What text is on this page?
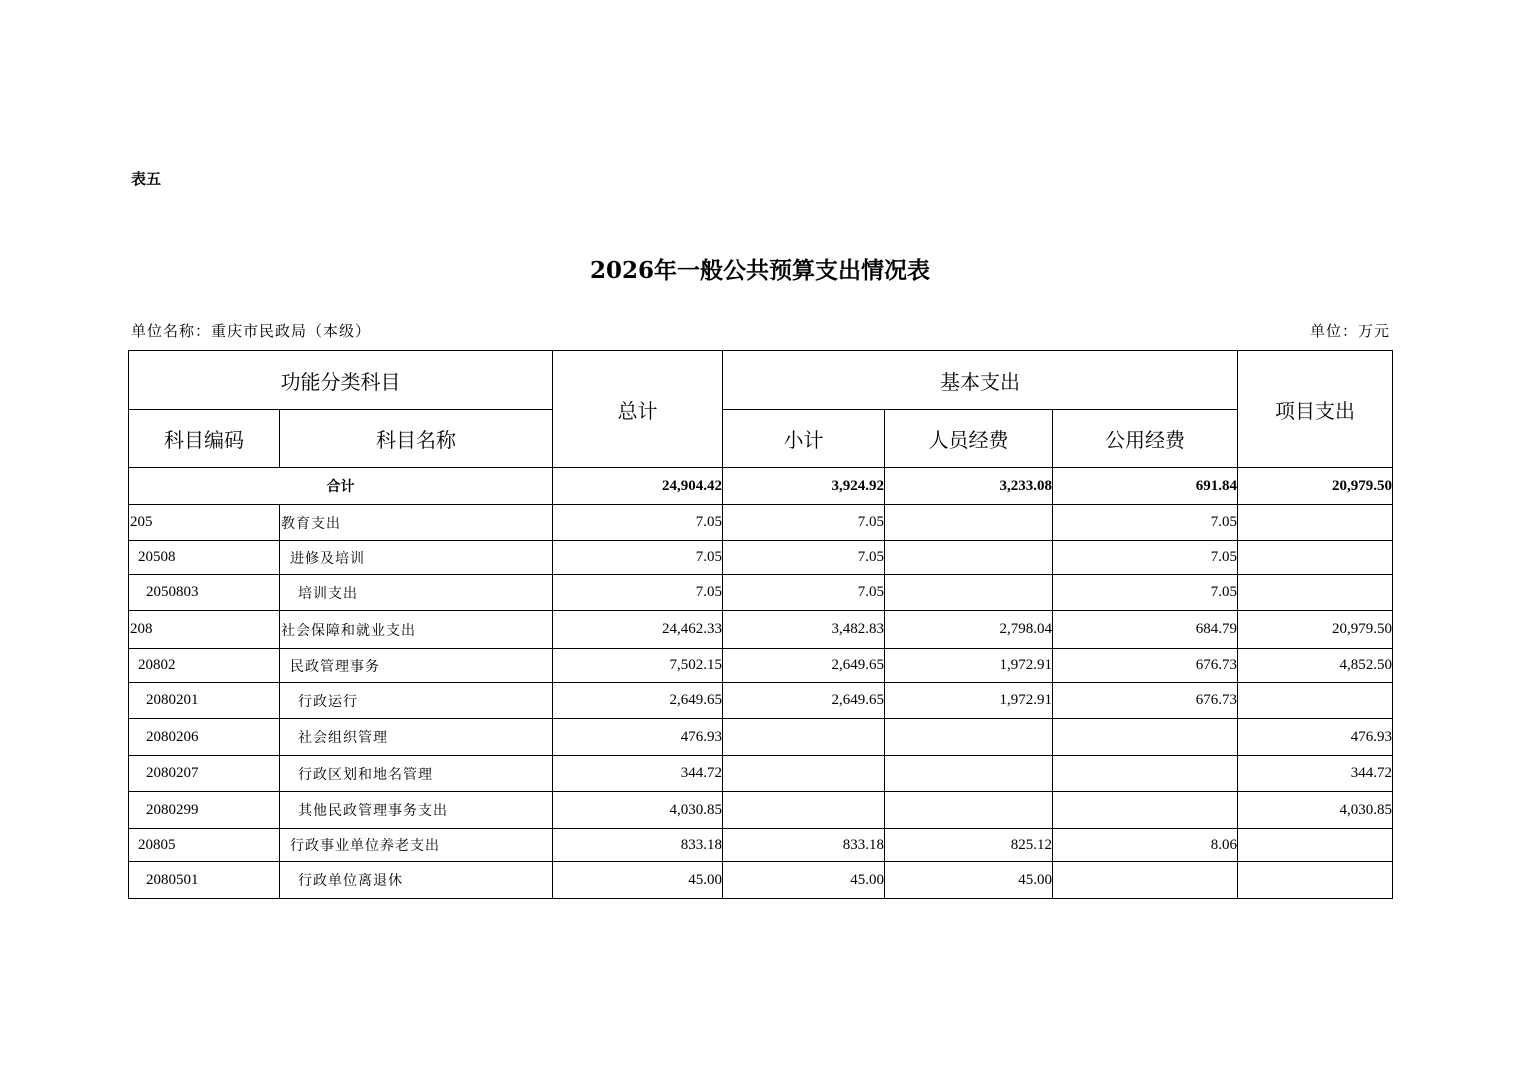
表五
2026年一般公共预算支出情况表
单位名称：重庆市民政局（本级）	单位：万元
功能分类科目		总计	基本支出			项目支出
科目编码	科目名称		小计	人员经费	公用经费	
合计		24,904.42	3,924.92	3,233.08	691.84	20,979.50
205	教育支出	7.05	7.05		7.05	
20508	进修及培训	7.05	7.05		7.05	
2050803	培训支出	7.05	7.05		7.05	
208	社会保障和就业支出	24,462.33	3,482.83	2,798.04	684.79	20,979.50
20802	民政管理事务	7,502.15	2,649.65	1,972.91	676.73	4,852.50
2080201	行政运行	2,649.65	2,649.65	1,972.91	676.73	
2080206	社会组织管理	476.93				476.93
2080207	行政区划和地名管理	344.72				344.72
2080299	其他民政管理事务支出	4,030.85				4,030.85
20805	行政事业单位养老支出	833.18	833.18	825.12	8.06	
2080501	行政单位离退休	45.00	45.00	45.00		
